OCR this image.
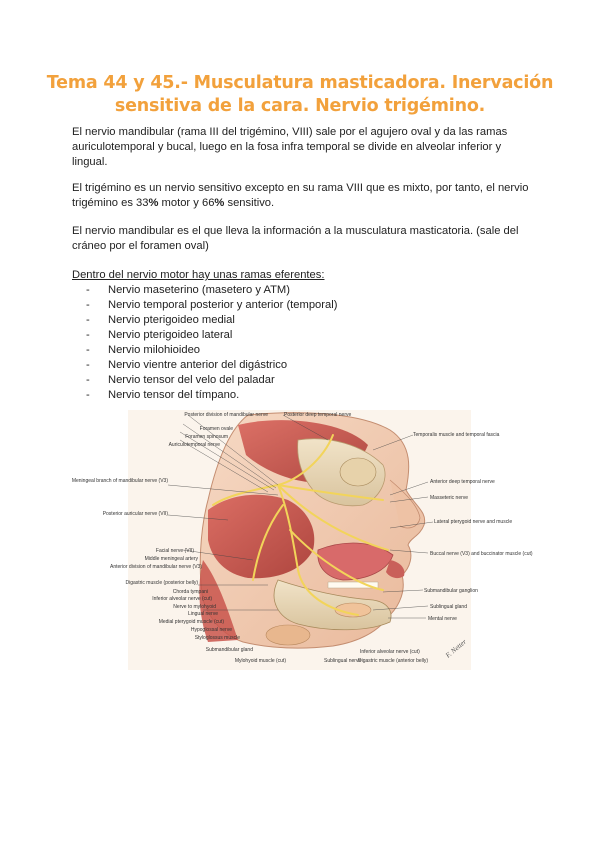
Tema 44 y 45.- Musculatura masticadora. Inervación sensitiva de la cara. Nervio trigémino.
El nervio mandibular (rama III del trigémino, VIII) sale por el agujero oval y da las ramas auriculotemporal y bucal, luego en la fosa infra temporal se divide en alveolar inferior y lingual.
El trigémino es un nervio sensitivo excepto en su rama VIII que es mixto, por tanto, el nervio trigémino es 33% motor y 66% sensitivo.
El nervio mandibular es el que lleva la información a la musculatura masticatoria. (sale del cráneo por el foramen oval)
Dentro del nervio motor hay unas ramas eferentes:
- Nervio maseterino (masetero y ATM)
- Nervio temporal posterior y anterior (temporal)
- Nervio pterigoideo medial
- Nervio pterigoideo lateral
- Nervio milohioideo
- Nervio vientre anterior del digástrico
- Nervio tensor del velo del paladar
- Nervio tensor del tímpano.
Posterior division of mandibular nerve
Foramen ovale
Foramen spinosum
Auriculotemporal nerve
Meningeal branch of mandibular nerve (V3)
Posterior auricular nerve (VII)
Facial nerve (VII)
Middle meningeal artery
Anterior division of mandibular nerve (V3)
Digastric muscle (posterior belly)
Chorda tympani
Inferior alveolar nerve (cut)
Nerve to mylohyoid
Lingual nerve
Medial pterygoid muscle (cut)
Hypoglossal nerve
Styloglossus muscle
Submandibular gland
Mylohyoid muscle (cut)
Posterior deep temporal nerve
Temporalis muscle and temporal fascia
Anterior deep temporal nerve
Masseteric nerve
Lateral pterygoid nerve and muscle
Buccal nerve (V3) and buccinator muscle (cut)
Submandibular ganglion
Sublingual gland
Mental nerve
Sublingual nerve
Inferior alveolar nerve (cut)
Digastric muscle (anterior belly)
F. Netter
